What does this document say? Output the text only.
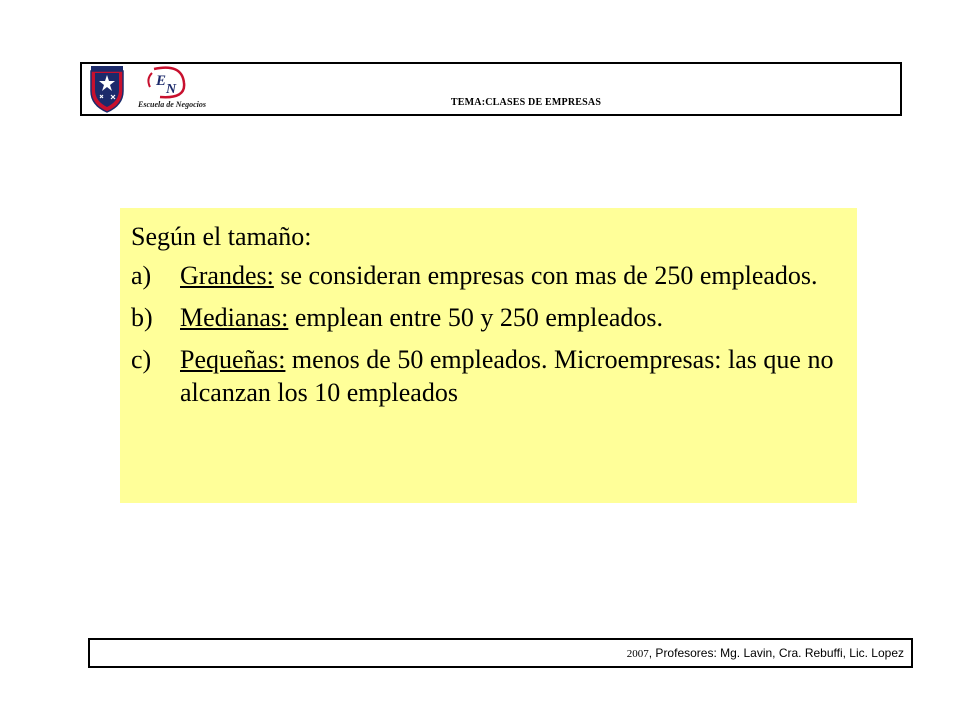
E
N
Escuela de Negocios	TEMA:CLASES DE EMPRESAS
Según el tamaño:
a)	Grandes: se consideran empresas con mas de 250 empleados.
b)	Medianas: emplean entre 50 y 250 empleados.
c)	Pequeñas: menos de 50 empleados. Microempresas: las que no alcanzan los 10 empleados
2007, Profesores: Mg. Lavin, Cra. Rebuffi, Lic. Lopez
